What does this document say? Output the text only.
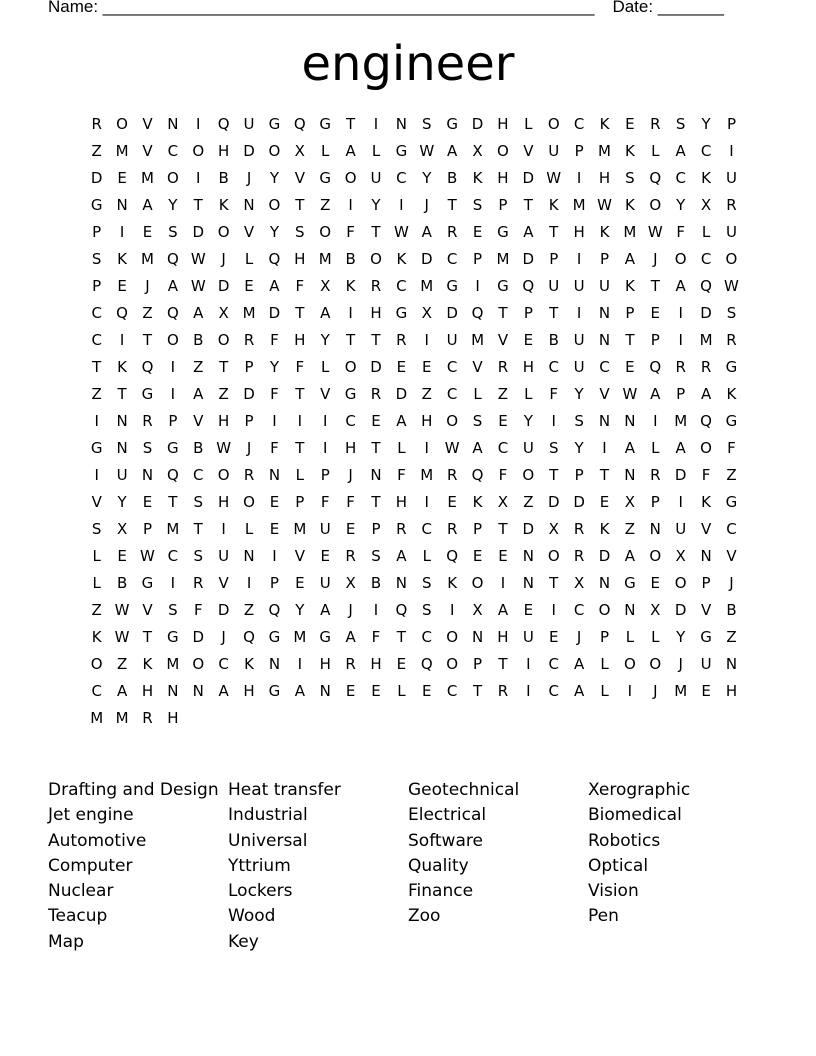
Name: ____________________________________________________ Date: _______
engineer
R O V N	I	Q U G Q G	T	I	N	S G D H	L	O C	K	E	R	S	Y	P
Z M V	C O H D O X	L	A	L	G W A	X O V U	P M K	L	A	C	I
D E M O	I	B	J	Y	V G O U C	Y	B	K H D W	I	H S Q C	K U
G N A	Y	T	K N O T	Z	I	Y	I	J	T	S	P	T	K M W K O Y	X	R
P	I	E	S D O V	Y	S O	F	T W A	R	E G A	T	H K M W F	L	U
S	K M Q W	J	L	Q H M B O K D C	P M D	P	I	P	A	J	O C O
P	E	J	A W D E	A	F	X	K	R C M G	I	G Q U U U K	T	A Q W
C Q Z Q A	X M D	T	A	I	H G X D Q T	P	T	I	N	P	E	I	D S
C	I	T O B O R	F	H	Y	T	T	R	I	U M V	E	B U N	T	P	I	M R
T	K Q	I	Z	T	P	Y	F	L	O D E	E	C	V	R H C U C	E Q R R G
Z	T G	I	A	Z D	F	T	V G R D Z	C	L	Z	L	F	Y	V W A	P	A	K
I	N R	P	V H	P	I	I	I	C	E	A H O S	E	Y	I	S	N N	I	M Q G
G N	S G B W	J	F	T	I	H	T	L	I	W A	C U	S	Y	I	A	L	A O	F
I	U N Q C O R N	L	P	J	N	F M R Q	F	O T	P	T	N R D	F	Z
V	Y	E	T	S H O E	P	F	F	T	H	I	E	K	X	Z D D E	X	P	I	K G
S	X	P M T	I	L	E M U	E	P	R C R	P	T	D X	R	K	Z N U V	C
L	E W C	S	U N	I	V	E	R	S	A	L	Q E	E	N O R D A O X N V
L	B G	I	R	V	I	P	E	U X	B N	S	K O	I	N	T	X N G E O P	J
Z W V	S	F	D Z Q Y	A	J	I	Q S	I	X	A	E	I	C O N X D V	B
K W T G D	J	Q G M G A	F	T	C O N H U	E	J	P	L	L	Y G Z
O Z	K M O C	K N	I	H R H	E Q O P	T	I	C	A	L	O O	J	U N
C	A H N N A H G A N	E	E	L	E	C	T	R	I	C	A	L	I	J	M E	H
M M R H
Drafting and Design Heat transfer	Geotechnical	Xerographic
Jet engine	Industrial	Electrical	Biomedical
Automotive	Universal	Software	Robotics
Computer	Yttrium	Quality	Optical
Nuclear	Lockers	Finance	Vision
Teacup	Wood	Zoo	Pen
Map	Key
